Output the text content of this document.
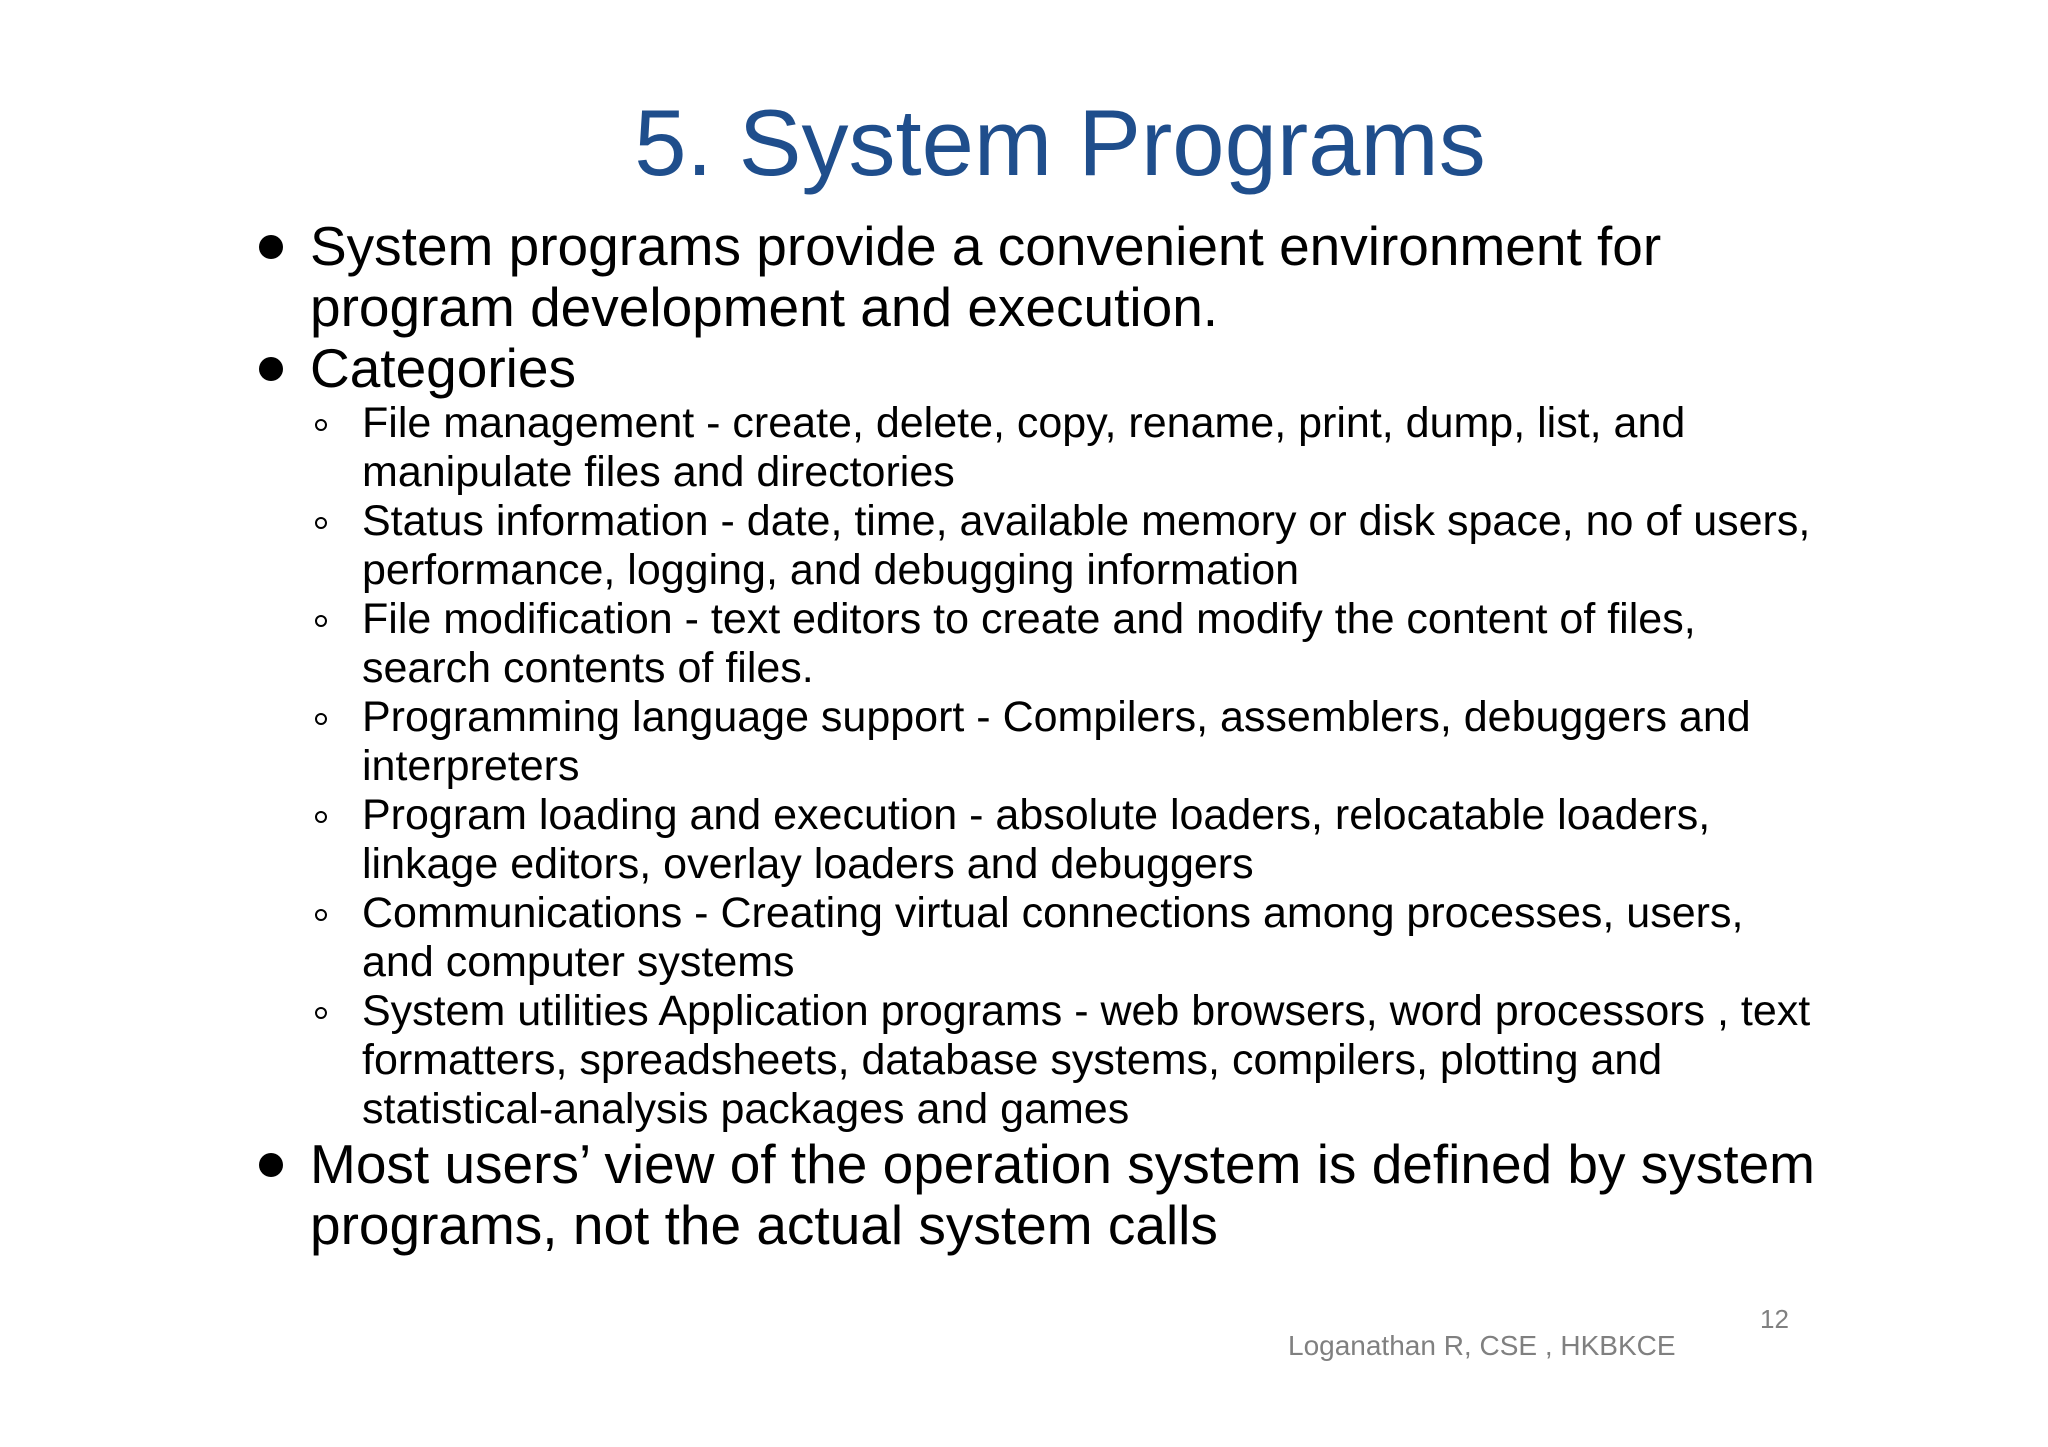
5. System Programs
System programs provide a convenient environment for program development and execution.
Categories
File management - create, delete, copy, rename, print, dump, list, and manipulate files and directories
Status information - date, time, available memory or disk space, no of users, performance, logging, and debugging information
File modification - text editors to create and modify the content of files, search contents of files.
Programming language support - Compilers, assemblers, debuggers and interpreters
Program loading and execution - absolute loaders, relocatable loaders, linkage editors, overlay loaders and debuggers
Communications - Creating virtual connections among processes, users, and computer systems
System utilities Application programs - web browsers, word processors , text formatters, spreadsheets, database systems, compilers, plotting and statistical-analysis packages and games
Most users’ view of the operation system is defined by system programs, not the actual system calls
12
Loganathan R, CSE , HKBKCE
